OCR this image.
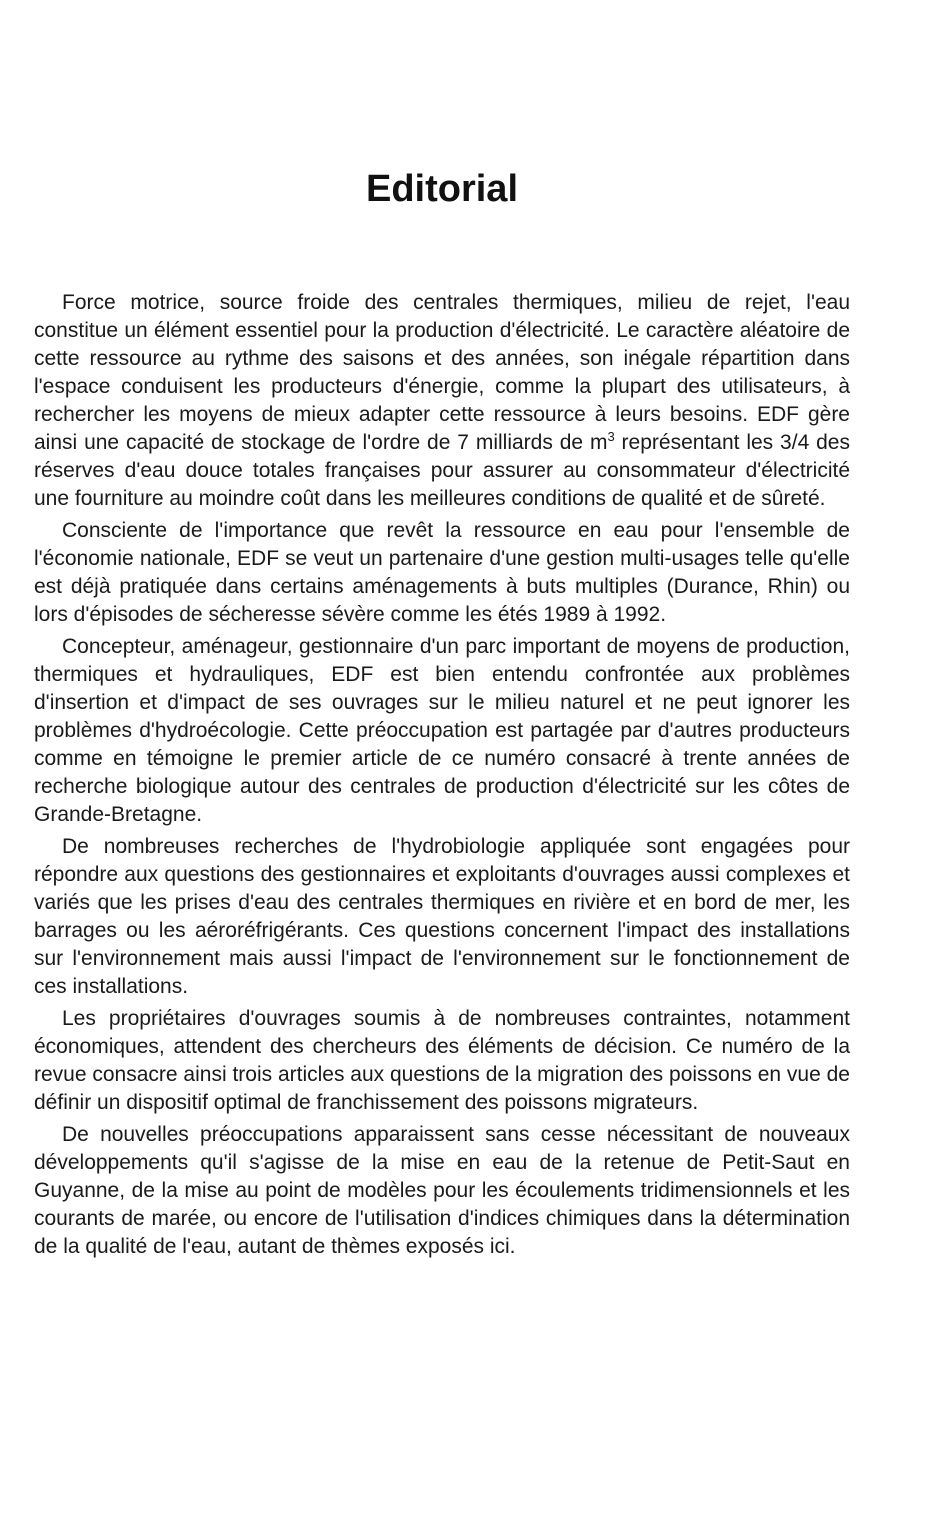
Editorial

Force motrice, source froide des centrales thermiques, milieu de rejet, l'eau constitue un élément essentiel pour la production d'électricité. Le caractère aléatoire de cette ressource au rythme des saisons et des années, son inégale répartition dans l'espace conduisent les producteurs d'énergie, comme la plupart des utilisateurs, à rechercher les moyens de mieux adapter cette ressource à leurs besoins. EDF gère ainsi une capacité de stockage de l'ordre de 7 milliards de $m^3$ représentant les 3/4 des réserves d'eau douce totales françaises pour assurer au consommateur d'électricité une fourniture au moindre coût dans les meilleures conditions de qualité et de sûreté.

Consciente de l'importance que revêt la ressource en eau pour l'ensemble de l'économie nationale, EDF se veut un partenaire d'une gestion multi-usages telle qu'elle est déjà pratiquée dans certains aménagements à buts multiples (Durance, Rhin) ou lors d'épisodes de sécheresse sévère comme les étés 1989 à 1992.

Concepteur, aménageur, gestionnaire d'un parc important de moyens de production, thermiques et hydrauliques, EDF est bien entendu confrontée aux problèmes d'insertion et d'impact de ses ouvrages sur le milieu naturel et ne peut ignorer les problèmes d'hydroécologie. Cette préoccupation est partagée par d'autres producteurs comme en témoigne le premier article de ce numéro consacré à trente années de recherche biologique autour des centrales de production d'électricité sur les côtes de Grande-Bretagne.

De nombreuses recherches de l'hydrobiologie appliquée sont engagées pour répondre aux questions des gestionnaires et exploitants d'ouvrages aussi complexes et variés que les prises d'eau des centrales thermiques en rivière et en bord de mer, les barrages ou les aéroréfrigérants. Ces questions concernent l'impact des installations sur l'environnement mais aussi l'impact de l'environnement sur le fonctionnement de ces installations.

Les propriétaires d'ouvrages soumis à de nombreuses contraintes, notamment économiques, attendent des chercheurs des éléments de décision. Ce numéro de la revue consacre ainsi trois articles aux questions de la migration des poissons en vue de définir un dispositif optimal de franchissement des poissons migrateurs.

De nouvelles préoccupations apparaissent sans cesse nécessitant de nouveaux développements qu'il s'agisse de la mise en eau de la retenue de Petit-Saut en Guyanne, de la mise au point de modèles pour les écoulements tridimensionnels et les courants de marée, ou encore de l'utilisation d'indices chimiques dans la détermination de la qualité de l'eau, autant de thèmes exposés ici.
